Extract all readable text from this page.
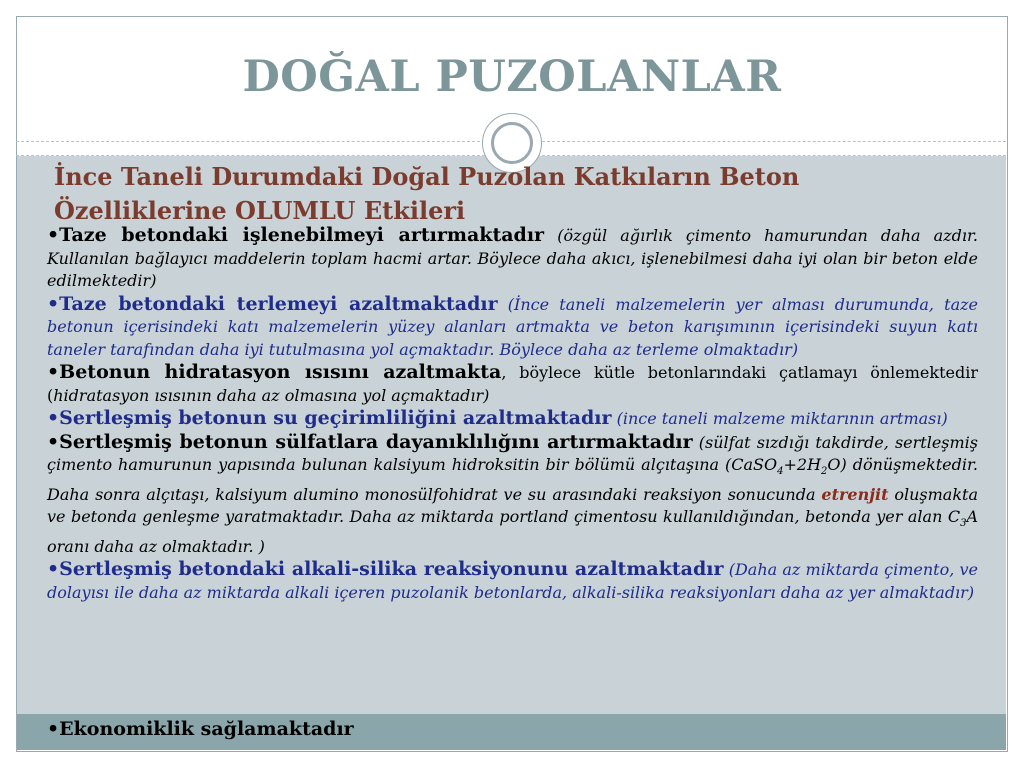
DOĞAL PUZOLANLAR
İnce Taneli Durumdaki Doğal Puzolan Katkıların Beton
Özelliklerine OLUMLU Etkileri

•Taze betondaki işlenebilmeyi artırmaktadır (özgül ağırlık çimento hamurundan daha azdır. Kullanılan bağlayıcı maddelerin toplam hacmi artar. Böylece daha akıcı, işlenebilmesi daha iyi olan bir beton elde edilmektedir)

•Taze betondaki terlemeyi azaltmaktadır (İnce taneli malzemelerin yer alması durumunda, taze betonun içerisindeki katı malzemelerin yüzey alanları artmakta ve beton karışımının içerisindeki suyun katı taneler tarafından daha iyi tutulmasına yol açmaktadır. Böylece daha az terleme olmaktadır)

•Betonun hidratasyon ısısını azaltmakta, böylece kütle betonlarındaki çatlamayı önlemektedir (hidratasyon ısısının daha az olmasına yol açmaktadır)

•Sertleşmiş betonun su geçirimliliğini azaltmaktadır (ince taneli malzeme miktarının artması)

•Sertleşmiş betonun sülfatlara dayanıklılığını artırmaktadır (sülfat sızdığı takdirde, sertleşmiş çimento hamurunun yapısında bulunan kalsiyum hidroksitin bir bölümü alçıtaşına $(CaSO_4+2H_2O)$ dönüşmektedir. Daha sonra alçıtaşı, kalsiyum alumino monosülfohidrat ve su arasındaki reaksiyon sonucunda etrenjit oluşmakta ve betonda genleşme yaratmaktadır. Daha az miktarda portland çimentosu kullanıldığından, betonda yer alan $C_3A$ oranı daha az olmaktadır. )

•Sertleşmiş betondaki alkali-silika reaksiyonunu azaltmaktadır (Daha az miktarda çimento, ve dolayısı ile daha az miktarda alkali içeren puzolanik betonlarda, alkali-silika reaksiyonları daha az yer almaktadır)

•Ekonomiklik sağlamaktadır
